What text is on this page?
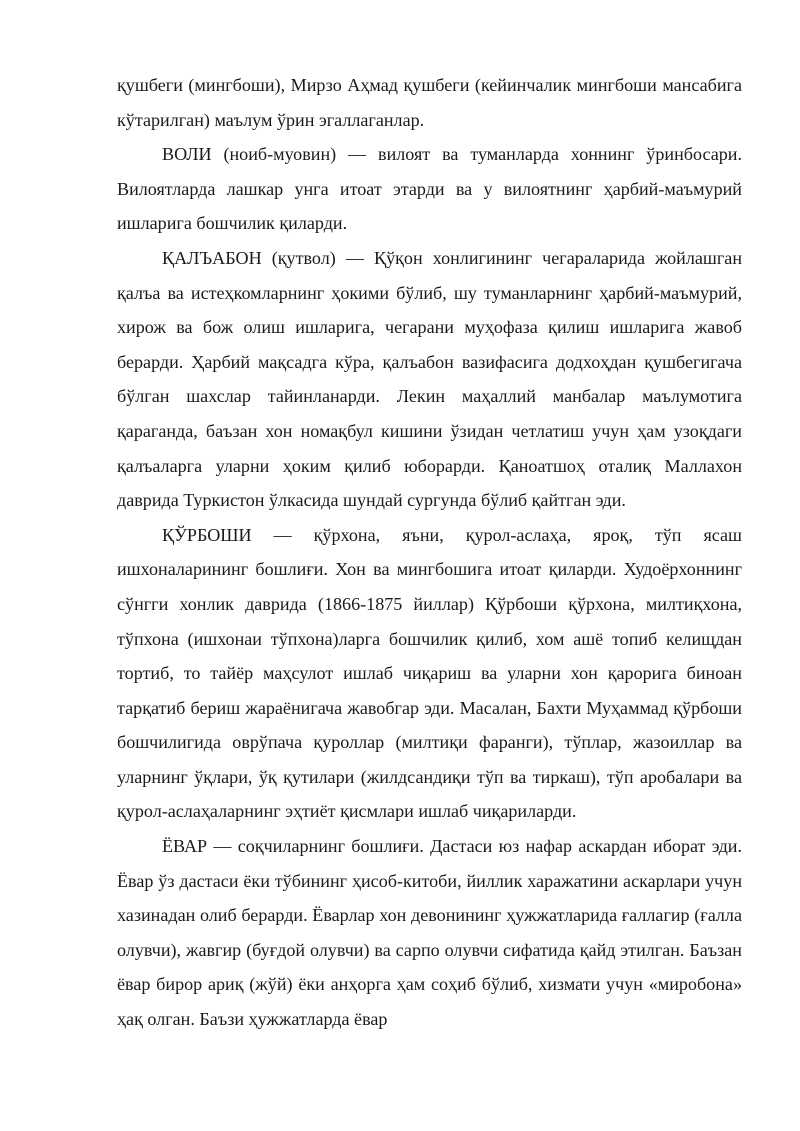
қушбеги (мингбоши), Мирзо Аҳмад қушбеги (кейинчалик мингбоши мансабига кўтарилган) маълум ўрин эгаллаганлар.

ВОЛИ (ноиб-муовин) — вилоят ва туманларда хоннинг ўринбосари. Вилоятларда лашкар унга итоат этарди ва у вилоятнинг ҳарбий-маъмурий ишларига бошчилик қиларди.

ҚАЛЪАБОН (қутвол) — Қўқон хонлигининг чегараларида жойлашган қалъа ва истеҳкомларнинг ҳокими бўлиб, шу туманларнинг ҳарбий-маъмурий, хирож ва бож олиш ишларига, чегарани муҳофаза қилиш ишларига жавоб берарди. Ҳарбий мақсадга кўра, қалъабон вазифасига додхоҳдан қушбегигача бўлган шахслар тайинланарди. Лекин маҳаллий манбалар маълумотига қараганда, баъзан хон номақбул кишини ўзидан четлатиш учун ҳам узоқдаги қалъаларга уларни ҳоким қилиб юборарди. Қаноатшоҳ оталиқ Маллахон даврида Туркистон ўлкасида шундай сургунда бўлиб қайтган эди.

ҚЎРБОШИ — қўрхона, яъни, қурол-аслаҳа, яроқ, тўп ясаш ишхоналарининг бошлиғи. Хон ва мингбошига итоат қиларди. Худоёрхоннинг сўнгги хонлик даврида (1866-1875 йиллар) Қўрбоши қўрхона, милтиқхона, тўпхона (ишхонаи тўпхона)ларга бошчилик қилиб, хом ашё топиб келищдан тортиб, то тайёр маҳсулот ишлаб чиқариш ва уларни хон қарорига биноан тарқатиб бериш жараёнигача жавобгар эди. Масалан, Бахти Муҳаммад қўрбоши бошчилигида оврўпача қуроллар (милтиқи фаранги), тўплар, жазоиллар ва уларнинг ўқлари, ўқ қутилари (жилдсандиқи тўп ва тиркаш), тўп аробалари ва қурол-аслаҳаларнинг эҳтиёт қисмлари ишлаб чиқариларди.

ЁВАР — соқчиларнинг бошлиғи. Дастаси юз нафар аскардан иборат эди. Ёвар ўз дастаси ёки тўбининг ҳисоб-китоби, йиллик харажатини аскарлари учун хазинадан олиб берарди. Ёварлар хон девонининг ҳужжатларида ғаллагир (ғалла олувчи), жавгир (буғдой олувчи) ва сарпо олувчи сифатида қайд этилган. Баъзан ёвар бирор ариқ (жўй) ёки анҳорга ҳам соҳиб бўлиб, хизмати учун «миробона» ҳақ олган. Баъзи ҳужжатларда ёвар
